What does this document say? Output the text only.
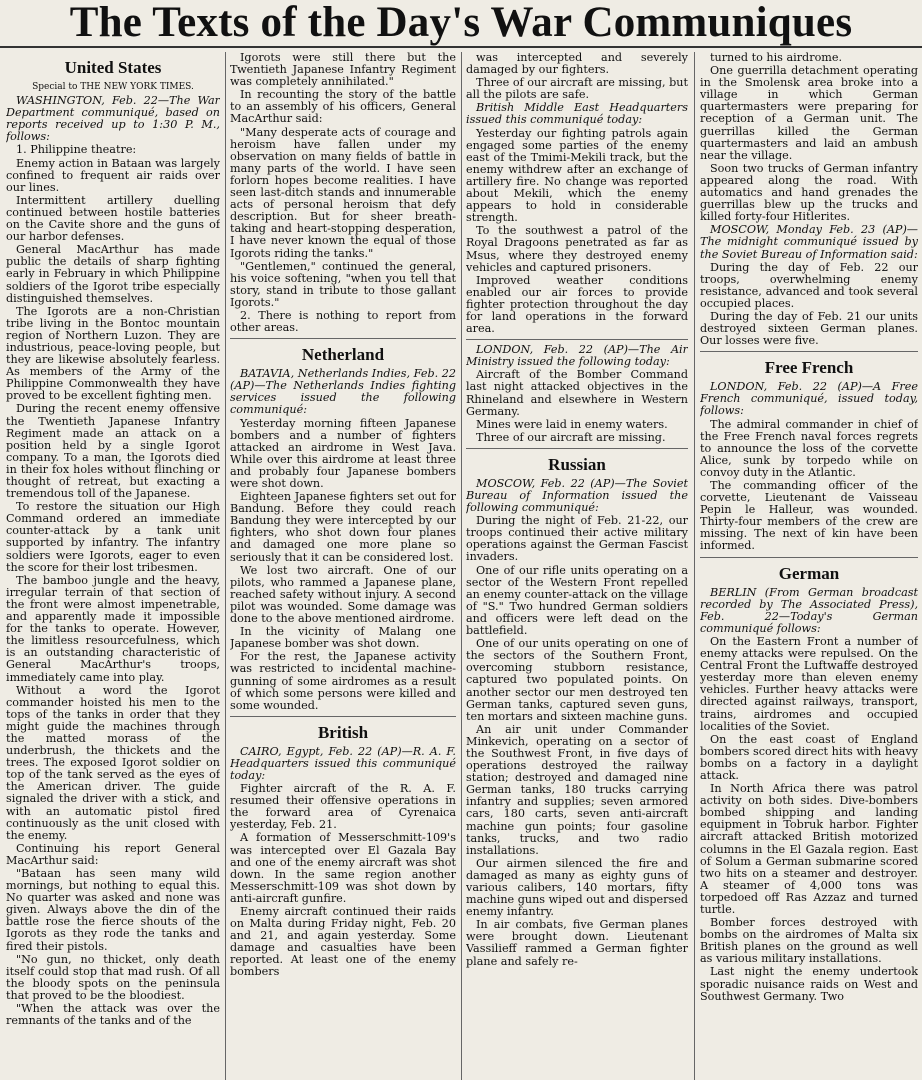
The Texts of the Day's War Communiques
United States
Special to THE NEW YORK TIMES.

WASHINGTON, Feb. 22—The War Department communiqué, based on reports received up to 1:30 P. M., follows:

1. Philippine theatre:

Enemy action in Bataan was largely confined to frequent air raids over our lines.

Intermittent artillery duelling continued between hostile batteries on the Cavite shore and the guns of our harbor defenses.

General MacArthur has made public the details of sharp fighting early in February in which Philippine soldiers of the Igorot tribe especially distinguished themselves.

The Igorots are a non-Christian tribe living in the Bontoc mountain region of Northern Luzon. They are industrious, peace-loving people, but they are likewise absolutely fearless. As members of the Army of the Philippine Commonwealth they have proved to be excellent fighting men.

During the recent enemy offensive the Twentieth Japanese Infantry Regiment made an attack on a position held by a single Igorot company. To a man, the Igorots died in their fox holes without flinching or thought of retreat, but exacting a tremendous toll of the Japanese.

To restore the situation our High Command ordered an immediate counter-attack by a tank unit supported by infantry. The infantry soldiers were Igorots, eager to even the score for their lost tribesmen.

The bamboo jungle and the heavy, irregular terrain of that section of the front were almost impenetrable, and apparently made it impossible for the tanks to operate. However, the limitless resourcefulness, which is an outstanding characteristic of General MacArthur's troops, immediately came into play.

Without a word the Igorot commander hoisted his men to the tops of the tanks in order that they might guide the machines through the matted morass of the underbrush, the thickets and the trees. The exposed Igorot soldier on top of the tank served as the eyes of the American driver. The guide signaled the driver with a stick, and with an automatic pistol fired continuously as the unit closed with the enemy.

Continuing his report General MacArthur said:

"Bataan has seen many wild mornings, but nothing to equal this. No quarter was asked and none was given. Always above the din of the battle rose the fierce shouts of the Igorots as they rode the tanks and fired their pistols.

"No gun, no thicket, only death itself could stop that mad rush. Of all the bloody spots on the peninsula that proved to be the bloodiest.

"When the attack was over the remnants of the tanks and of the

Igorots were still there but the Twentieth Japanese Infantry Regiment was completely annihilated."

In recounting the story of the battle to an assembly of his officers, General MacArthur said:

"Many desperate acts of courage and heroism have fallen under my observation on many fields of battle in many parts of the world. I have seen forlorn hopes become realities. I have seen last-ditch stands and innumerable acts of personal heroism that defy description. But for sheer breath-taking and heart-stopping desperation, I have never known the equal of those Igorots riding the tanks."

"Gentlemen," continued the general, his voice softening, "when you tell that story, stand in tribute to those gallant Igorots."

2. There is nothing to report from other areas.

Netherland

BATAVIA, Netherlands Indies, Feb. 22 (AP)—The Netherlands Indies fighting services issued the following communiqué:

Yesterday morning fifteen Japanese bombers and a number of fighters attacked an airdrome in West Java. While over this airdrome at least three and probably four Japanese bombers were shot down.

Eighteen Japanese fighters set out for Bandung. Before they could reach Bandung they were intercepted by our fighters, who shot down four planes and damaged one more plane so seriously that it can be considered lost.

We lost two aircraft. One of our pilots, who rammed a Japanese plane, reached safety without injury. A second pilot was wounded. Some damage was done to the above mentioned airdrome.

In the vicinity of Malang one Japanese bomber was shot down.

For the rest, the Japanese activity was restricted to incidental machine-gunning of some airdromes as a result of which some persons were killed and some wounded.

British

CAIRO, Egypt, Feb. 22 (AP)—R. A. F. Headquarters issued this communiqué today:

Fighter aircraft of the R. A. F. resumed their offensive operations in the forward area of Cyrenaica yesterday, Feb. 21.

A formation of Messerschmitt-109's was intercepted over El Gazala Bay and one of the enemy aircraft was shot down. In the same region another Messerschmitt-109 was shot down by anti-aircraft gunfire.

Enemy aircraft continued their raids on Malta during Friday night, Feb. 20 and 21, and again yesterday. Some damage and casualties have been reported. At least one of the enemy bombers

was intercepted and severely damaged by our fighters.

Three of our aircraft are missing, but all the pilots are safe.

British Middle East Headquarters issued this communiqué today:

Yesterday our fighting patrols again engaged some parties of the enemy east of the Tmimi-Mekili track, but the enemy withdrew after an exchange of artillery fire. No change was reported about Mekili, which the enemy appears to hold in considerable strength.

To the southwest a patrol of the Royal Dragoons penetrated as far as Msus, where they destroyed enemy vehicles and captured prisoners.

Improved weather conditions enabled our air forces to provide fighter protection throughout the day for land operations in the forward area.

LONDON, Feb. 22 (AP)—The Air Ministry issued the following today:

Aircraft of the Bomber Command last night attacked objectives in the Rhineland and elsewhere in Western Germany.

Mines were laid in enemy waters.

Three of our aircraft are missing.

Russian

MOSCOW, Feb. 22 (AP)—The Soviet Bureau of Information issued the following communiqué:

During the night of Feb. 21-22, our troops continued their active military operations against the German Fascist invaders.

One of our rifle units operating on a sector of the Western Front repelled an enemy counter-attack on the village of "S." Two hundred German soldiers and officers were left dead on the battlefield.

One of our units operating on one of the sectors of the Southern Front, overcoming stubborn resistance, captured two populated points. On another sector our men destroyed ten German tanks, captured seven guns, ten mortars and sixteen machine guns.

An air unit under Commander Minkevich, operating on a sector of the Southwest Front, in five days of operations destroyed the railway station; destroyed and damaged nine German tanks, 180 trucks carrying infantry and supplies; seven armored cars, 180 carts, seven anti-aircraft machine gun points; four gasoline tanks, trucks, and two radio installations.

Our airmen silenced the fire and damaged as many as eighty guns of various calibers, 140 mortars, fifty machine guns wiped out and dispersed enemy infantry.

In air combats, five German planes were brought down. Lieutenant Vassilieff rammed a German fighter plane and safely re-

turned to his airdrome.

One guerrilla detachment operating in the Smolensk area broke into a village in which German quartermasters were preparing for reception of a German unit. The guerrillas killed the German quartermasters and laid an ambush near the village.

Soon two trucks of German infantry appeared along the road. With automatics and hand grenades the guerrillas blew up the trucks and killed forty-four Hitlerites.

MOSCOW, Monday Feb. 23 (AP)—The midnight communiqué issued by the Soviet Bureau of Information said:

During the day of Feb. 22 our troops, overwhelming enemy resistance, advanced and took several occupied places.

During the day of Feb. 21 our units destroyed sixteen German planes. Our losses were five.

Free French

LONDON, Feb. 22 (AP)—A Free French communiqué, issued today, follows:

The admiral commander in chief of the Free French naval forces regrets to announce the loss of the corvette Alice, sunk by torpedo while on convoy duty in the Atlantic.

The commanding officer of the corvette, Lieutenant de Vaisseau Pepin le Halleur, was wounded. Thirty-four members of the crew are missing. The next of kin have been informed.

German

BERLIN (From German broadcast recorded by The Associated Press), Feb. 22—Today's German communiqué follows:

On the Eastern Front a number of enemy attacks were repulsed. On the Central Front the Luftwaffe destroyed yesterday more than eleven enemy vehicles. Further heavy attacks were directed against railways, transport, trains, airdromes and occupied localities of the Soviet.

On the east coast of England bombers scored direct hits with heavy bombs on a factory in a daylight attack.

In North Africa there was patrol activity on both sides. Dive-bombers bombed shipping and landing equipment in Tobruk harbor. Fighter aircraft attacked British motorized columns in the El Gazala region. East of Solum a German submarine scored two hits on a steamer and destroyer. A steamer of 4,000 tons was torpedoed off Ras Azzaz and turned turtle.

Bomber forces destroyed with bombs on the airdromes of Malta six British planes on the ground as well as various military installations.

Last night the enemy undertook sporadic nuisance raids on West and Southwest Germany. Two
